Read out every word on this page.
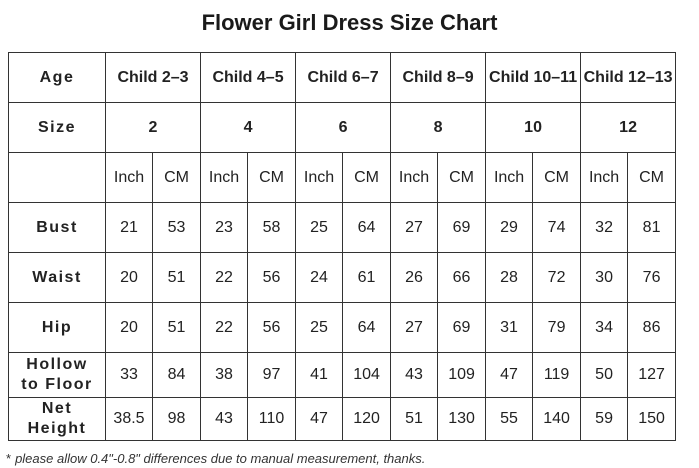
Flower Girl Dress Size Chart
Age	Child 2–3		Child 4–5		Child 6–7		Child 8–9		Child 10–11		Child 12–13	
Size	2		4		6		8		10		12	
	Inch	CM	Inch	CM	Inch	CM	Inch	CM	Inch	CM	Inch	CM
Bust	21	53	23	58	25	64	27	69	29	74	32	81
Waist	20	51	22	56	24	61	26	66	28	72	30	76
Hip	20	51	22	56	25	64	27	69	31	79	34	86
Hollow
to Floor	33	84	38	97	41	104	43	109	47	119	50	127
Net
Height	38.5	98	43	110	47	120	51	130	55	140	59	150
* please allow 0.4"-0.8" differences due to manual measurement, thanks.
